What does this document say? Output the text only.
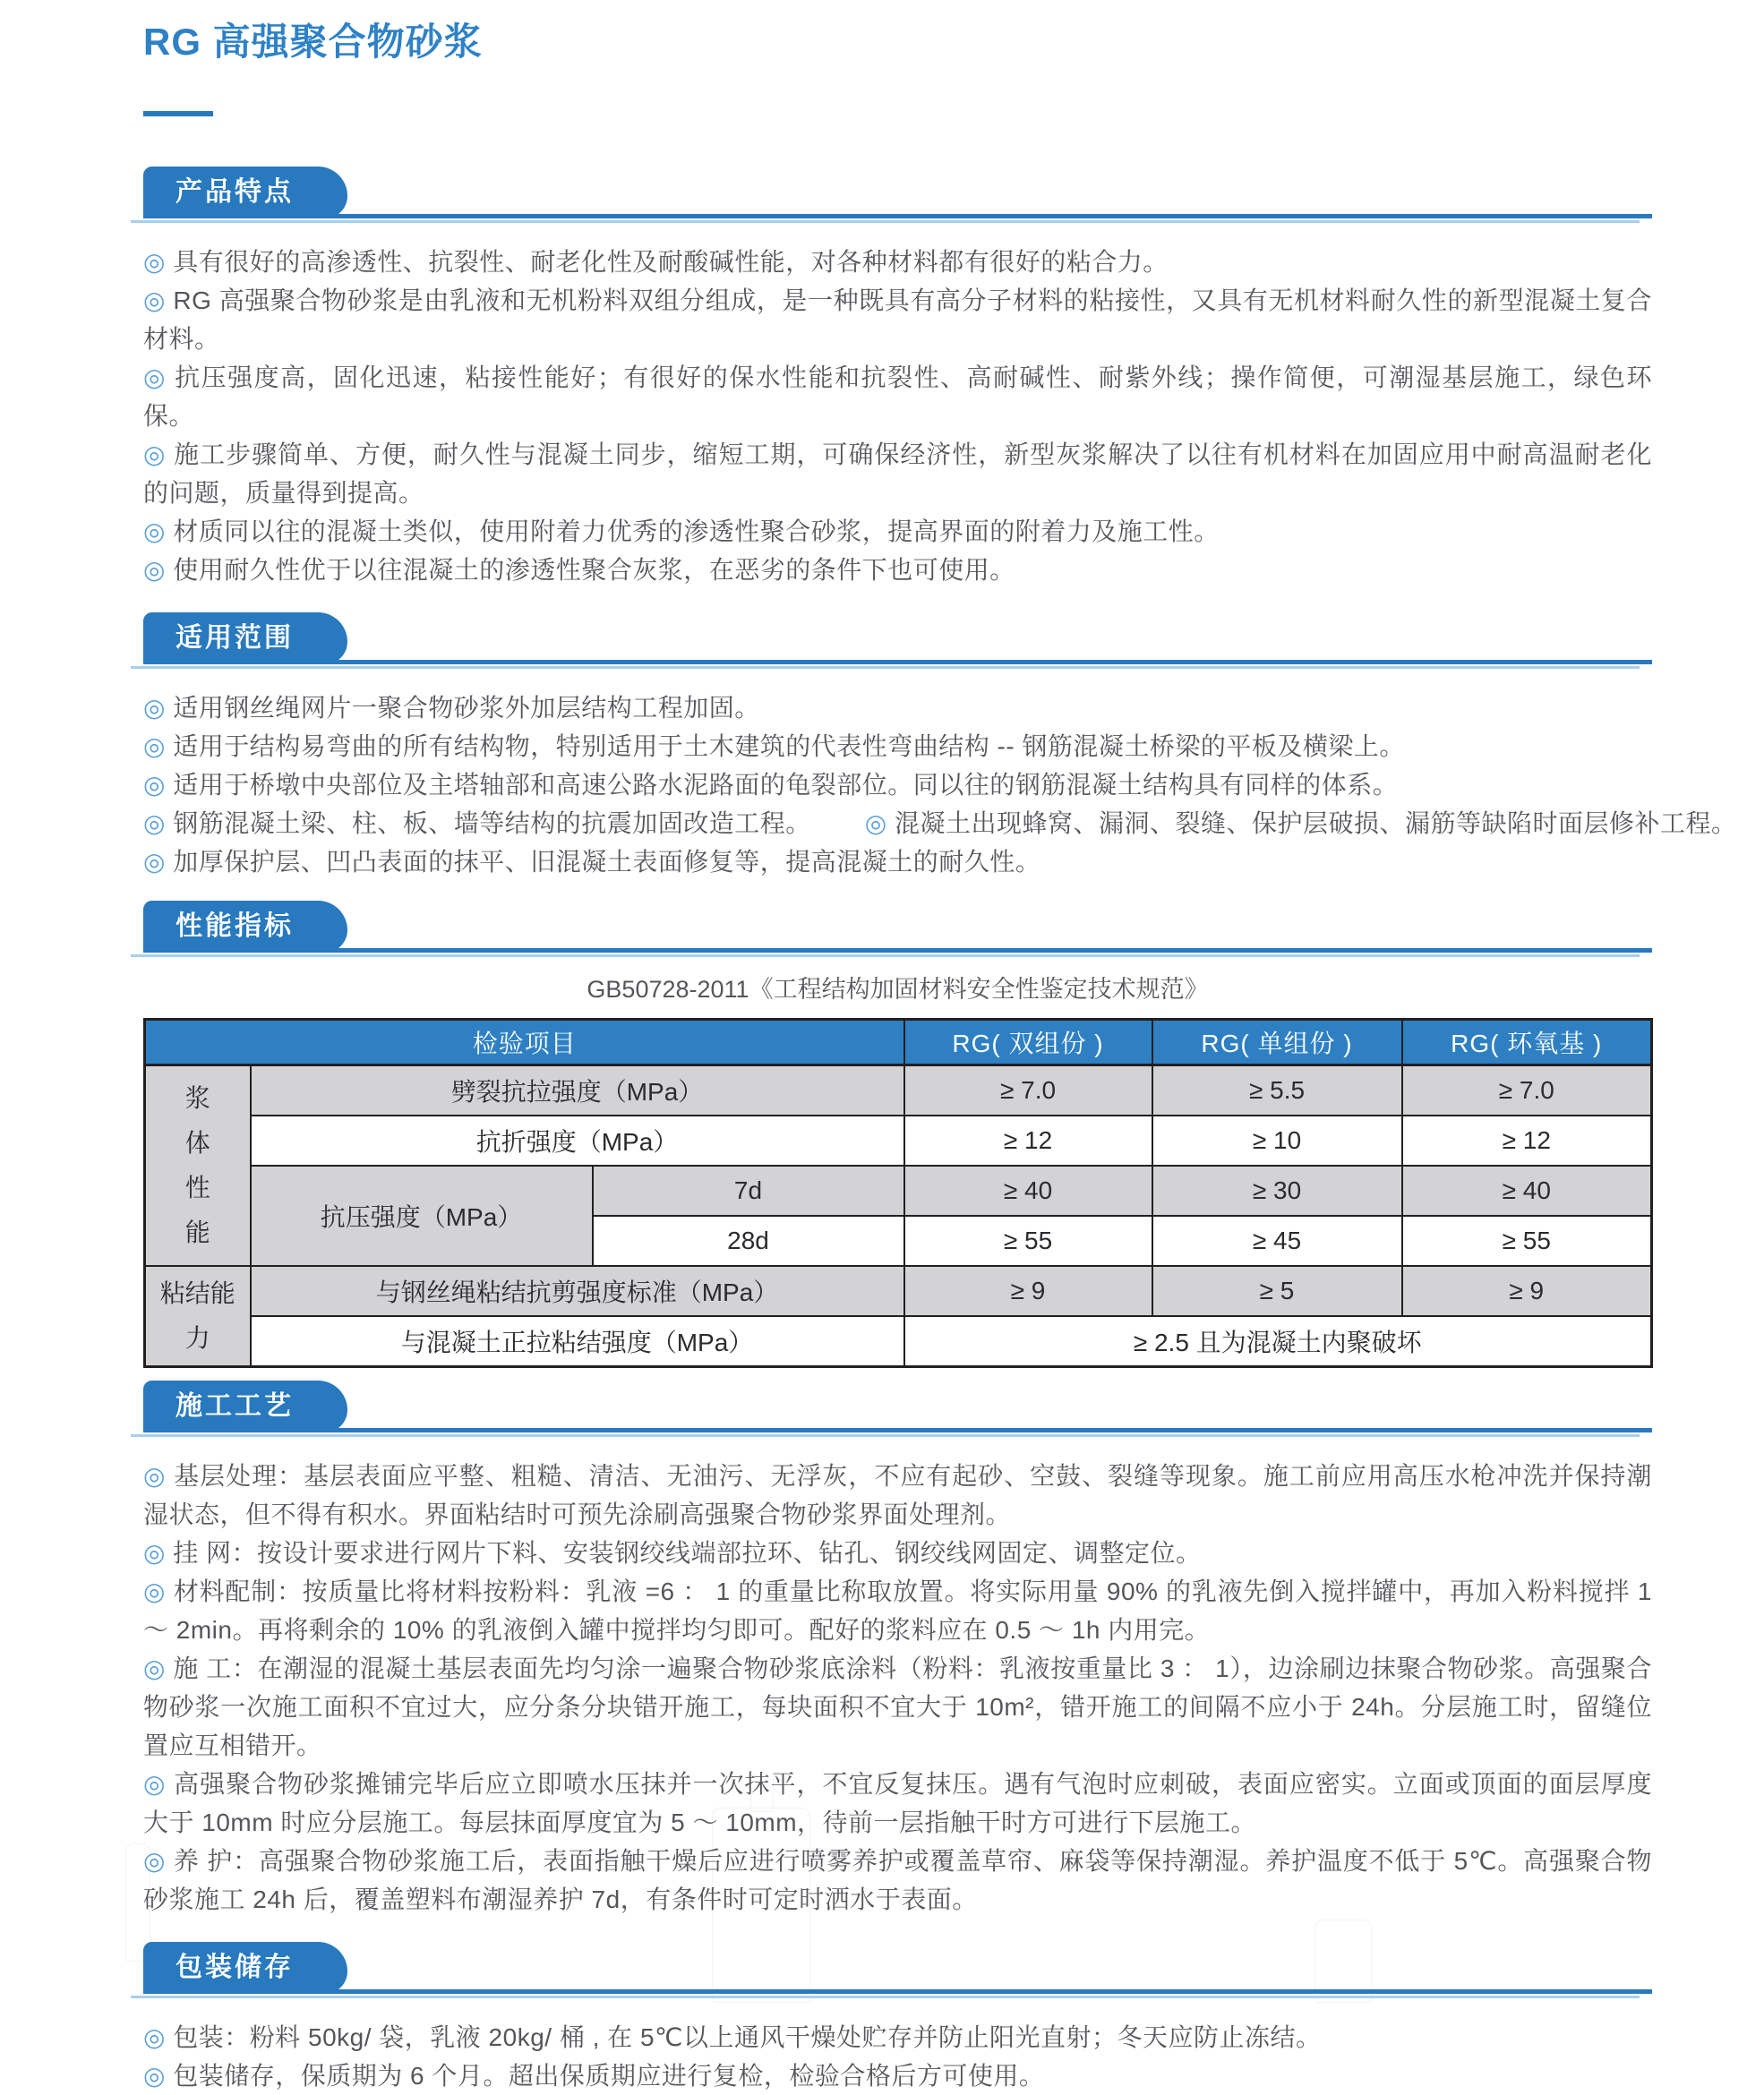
RG 高强聚合物砂浆
产品特点

◎ 具有很好的高渗透性、抗裂性、耐老化性及耐酸碱性能，对各种材料都有很好的粘合力。

◎ RG 高强聚合物砂浆是由乳液和无机粉料双组分组成，是一种既具有高分子材料的粘接性，又具有无机材料耐久性的新型混凝土复合材料。

◎ 抗压强度高，固化迅速，粘接性能好；有很好的保水性能和抗裂性、高耐碱性、耐紫外线；操作简便，可潮湿基层施工，绿色环保。

◎ 施工步骤简单、方便，耐久性与混凝土同步，缩短工期，可确保经济性，新型灰浆解决了以往有机材料在加固应用中耐高温耐老化的问题，质量得到提高。

◎ 材质同以往的混凝土类似，使用附着力优秀的渗透性聚合砂浆，提高界面的附着力及施工性。

◎ 使用耐久性优于以往混凝土的渗透性聚合灰浆，在恶劣的条件下也可使用。

适用范围

◎ 适用钢丝绳网片一聚合物砂浆外加层结构工程加固。

◎ 适用于结构易弯曲的所有结构物，特别适用于土木建筑的代表性弯曲结构 -- 钢筋混凝土桥梁的平板及横梁上。

◎ 适用于桥墩中央部位及主塔轴部和高速公路水泥路面的龟裂部位。同以往的钢筋混凝土结构具有同样的体系。

◎ 钢筋混凝土梁、柱、板、墙等结构的抗震加固改造工程。 ◎ 混凝土出现蜂窝、漏洞、裂缝、保护层破损、漏筋等缺陷时面层修补工程。

◎ 加厚保护层、凹凸表面的抹平、旧混凝土表面修复等，提高混凝土的耐久性。

性能指标
GB50728-2011《工程结构加固材料安全性鉴定技术规范》
检验项目			RG( 双组份 )	RG( 单组份 )	RG( 环氧基 )
浆
体
性
能	劈裂抗拉强度（MPa）		≥ 7.0	≥ 5.5	≥ 7.0
	抗折强度（MPa）		≥ 12	≥ 10	≥ 12
	抗压强度（MPa）	7d	≥ 40	≥ 30	≥ 40
		28d	≥ 55	≥ 45	≥ 55
粘结能
力	与钢丝绳粘结抗剪强度标准（MPa）		≥ 9	≥ 5	≥ 9
	与混凝土正拉粘结强度（MPa）		≥ 2.5 且为混凝土内聚破坏		
施工工艺

◎ 基层处理：基层表面应平整、粗糙、清洁、无油污、无浮灰，不应有起砂、空鼓、裂缝等现象。施工前应用高压水枪冲洗并保持潮湿状态，但不得有积水。界面粘结时可预先涂刷高强聚合物砂浆界面处理剂。

◎ 挂 网：按设计要求进行网片下料、安装钢绞线端部拉环、钻孔、钢绞线网固定、调整定位。

◎ 材料配制：按质量比将材料按粉料：乳液 =6 ： 1 的重量比称取放置。将实际用量 90% 的乳液先倒入搅拌罐中，再加入粉料搅拌 1 ～ 2min。再将剩余的 10% 的乳液倒入罐中搅拌均匀即可。配好的浆料应在 0.5 ～ 1h 内用完。

◎ 施 工：在潮湿的混凝土基层表面先均匀涂一遍聚合物砂浆底涂料（粉料：乳液按重量比 3 ： 1），边涂刷边抹聚合物砂浆。高强聚合物砂浆一次施工面积不宜过大，应分条分块错开施工，每块面积不宜大于 10m²，错开施工的间隔不应小于 24h。分层施工时，留缝位置应互相错开。

◎ 高强聚合物砂浆摊铺完毕后应立即喷水压抹并一次抹平，不宜反复抹压。遇有气泡时应刺破，表面应密实。立面或顶面的面层厚度大于 10mm 时应分层施工。每层抹面厚度宜为 5 ～ 10mm，待前一层指触干时方可进行下层施工。

◎ 养 护：高强聚合物砂浆施工后，表面指触干燥后应进行喷雾养护或覆盖草帘、麻袋等保持潮湿。养护温度不低于 5℃。高强聚合物砂浆施工 24h 后，覆盖塑料布潮湿养护 7d，有条件时可定时洒水于表面。

包装储存

◎ 包装：粉料 50kg/ 袋，乳液 20kg/ 桶 , 在 5℃以上通风干燥处贮存并防止阳光直射；冬天应防止冻结。

◎ 包装储存，保质期为 6 个月。超出保质期应进行复检，检验合格后方可使用。
